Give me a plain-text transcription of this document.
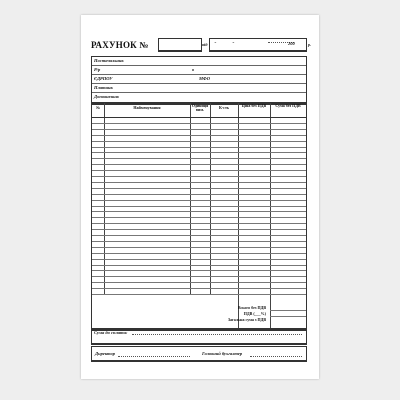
РАХУНОК №	від "	"	200	р.
Постачальник
Р/р	в
ЄДРПОУ	МФО
Платник
Доповнення:
№	Найменування	Одиниця вим.	К-сть	Ціна без ПДВ	Сума без ПДВ
Всього без ПДВ
ПДВ (___%)
Загальна сума з ПДВ
Сума до сплати:
Директор	Головний бухгалтер
